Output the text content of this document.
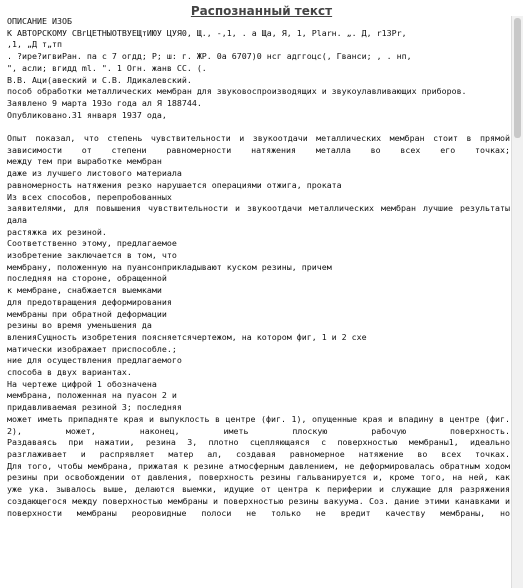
Распознанный текст
ОПИСАНИЕ ИЗОБ
К АВТОРСКОМУ СВгЦЕТНЫОТВУЕЩтИЮУ ЦУЯ0, Щ., -,1, . а Ща, Я, 1, Plarн. „. Д, r13Pr,
,1, „Д т„тп
. ?ире?игвиРан. па с 7 огдд; Р; ш: г. ЖР. 0а 6707)0 нсг адггоцс(, Гванси; , . нп,
", асли; вгидд ml. ". 1 Огн. жанв СС. (.
В.В. Аци(авеский и С.В. Лдикалевский.
пособ обработки металлических мембран для звуковоспроизводящих и звукоулавливающих приборов.
Заявлено 9 марта 193о года ал Я 188744.
Опубликовано.31 января 1937 ода,
Опыт показал, что степень чувствительности и звукоотдачи металлических мембран стоит в прямой зависимости от степени равномерности натяжения металла во всех его точках;
между тем при выработке мембран
даже из лучшего листового материала
равномерность натяжения резко нарушается операциями отжига, проката
Из всех способов, перепробованных
заявителями, для повышения чувствительности и звукоотдачи металлических мембран лучшие результаты дала
растяжка их резиной.
Соответственно этому, предлагаемое
изобретение заключается в том, что
мембрану, положенную на пуансонприкладывают куском резины, причем
последняя на стороне, обращенной
к мембране, снабжается выемками
для предотвращения деформирования
мембраны при обратной деформации
резины во время уменьшения да
вленияСущность изобретения поясняетсячертежом, на котором фиг, 1 и 2 схе
матически изображает приспособле.;
ние для осуществления предлагаемого
способа в двух вариантах.
На чертеже цифрой 1 обозначена
мембрана, положенная на пуасон 2 и
придавливаемая резиной 3; последняя
может иметь припадняте края и выпуклость в центре (фиг. 1), опущенные края и впадину в центре (фиг. 2), может, наконец, иметь плоскую рабочую поверхность.
Раздаваясь при нажатии, резина 3, плотно сцепляющаяся с поверхностью мембраны1, идеально разглаживает и распрявляет матер ал, создавая равномерное натяжение во всех точках.
Для того, чтобы мембрана, прижатая к резине атмосферным давлением, не деформировалась обратным ходом резины при освобождении от давления, поверхность резины гальванируется и, кроме того, на ней, как уже ука. зывалось выше, делаются выемки, идущие от центра к периферии и служащие для разряжения создающегося между поверхностью мембраны и поверхностью резины вакуума. Соз. дание этими канавками и поверхности мембраны реоровидные полоси не только не вредит качеству мембраны, но
